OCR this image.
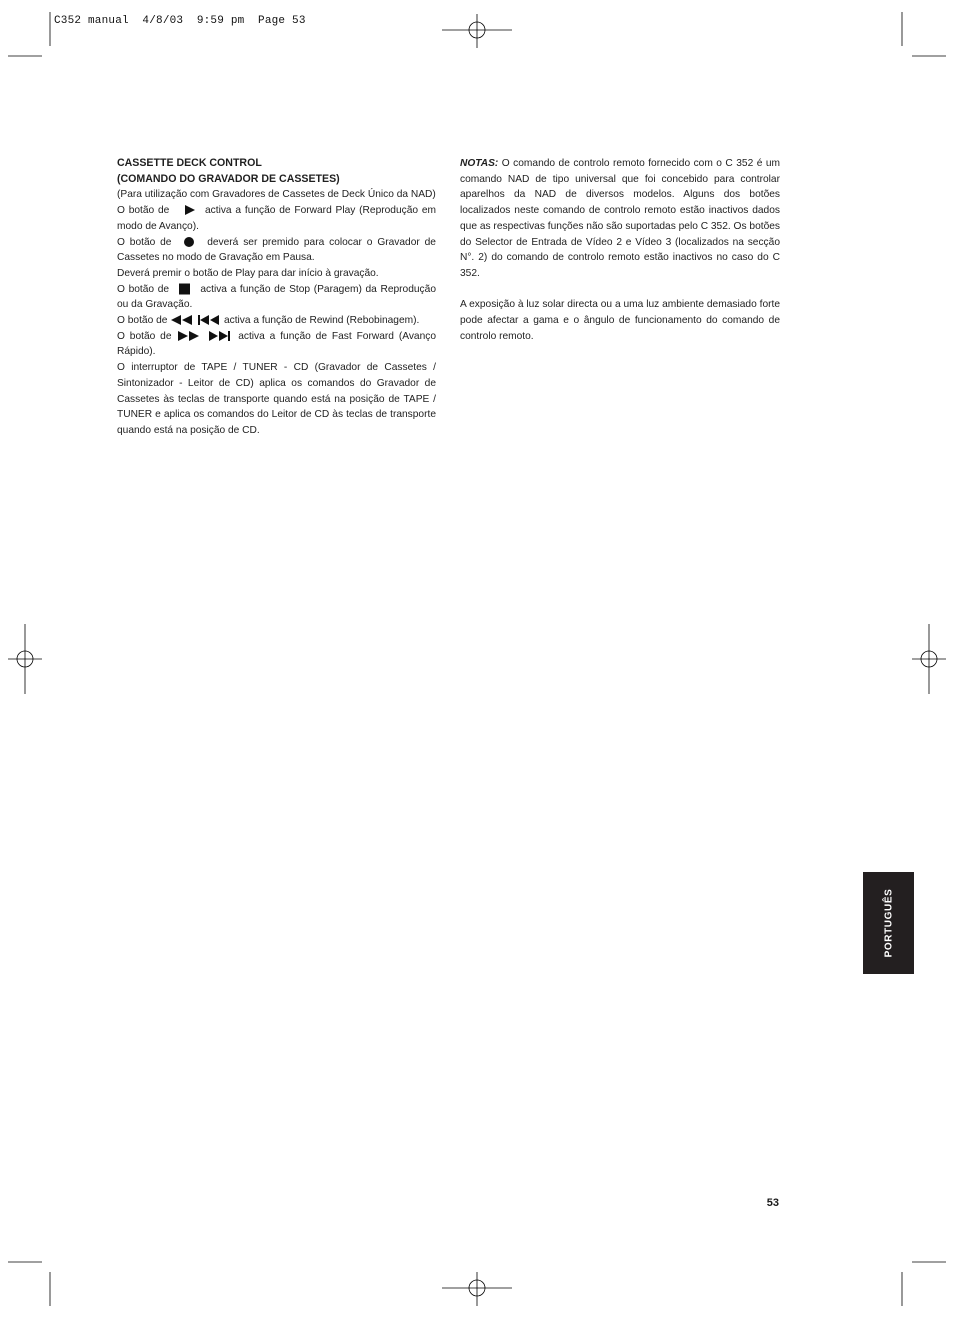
C352 manual  4/8/03  9:59 pm  Page 53

CASSETTE DECK CONTROL

(COMANDO DO GRAVADOR DE CASSETES)

(Para utilização com Gravadores de Cassetes de Deck Único da NAD)

O botão de	activa a função de Forward Play (Reprodução em modo de Avanço).

O botão de	deverá ser premido para colocar o Gravador de Cassetes no modo de Gravação em Pausa.

Deverá premir o botão de Play para dar início à gravação.

O botão de	activa a função de Stop (Paragem) da Reprodução ou da Gravação.

O botão de	activa a função de Rewind (Rebobinagem).

O botão de	activa a função de Fast Forward (Avanço Rápido).

O interruptor de TAPE / TUNER - CD (Gravador de Cassetes / Sintonizador - Leitor de CD) aplica os comandos do Gravador de Cassetes às teclas de transporte quando está na posição de TAPE / TUNER e aplica os comandos do Leitor de CD às teclas de transporte quando está na posição de CD.

NOTAS: O comando de controlo remoto fornecido com o C 352 é um comando NAD de tipo universal que foi concebido para controlar aparelhos da NAD de diversos modelos. Alguns dos botões localizados neste comando de controlo remoto estão inactivos dados que as respectivas funções não são suportadas pelo C 352. Os botões do Selector de Entrada de Vídeo 2 e Vídeo 3 (localizados na secção N°. 2) do comando de controlo remoto estão inactivos no caso do C 352.

A exposição à luz solar directa ou a uma luz ambiente demasiado forte pode afectar a gama e o ângulo de funcionamento do comando de controlo remoto.

PORTUGUÊS
53
